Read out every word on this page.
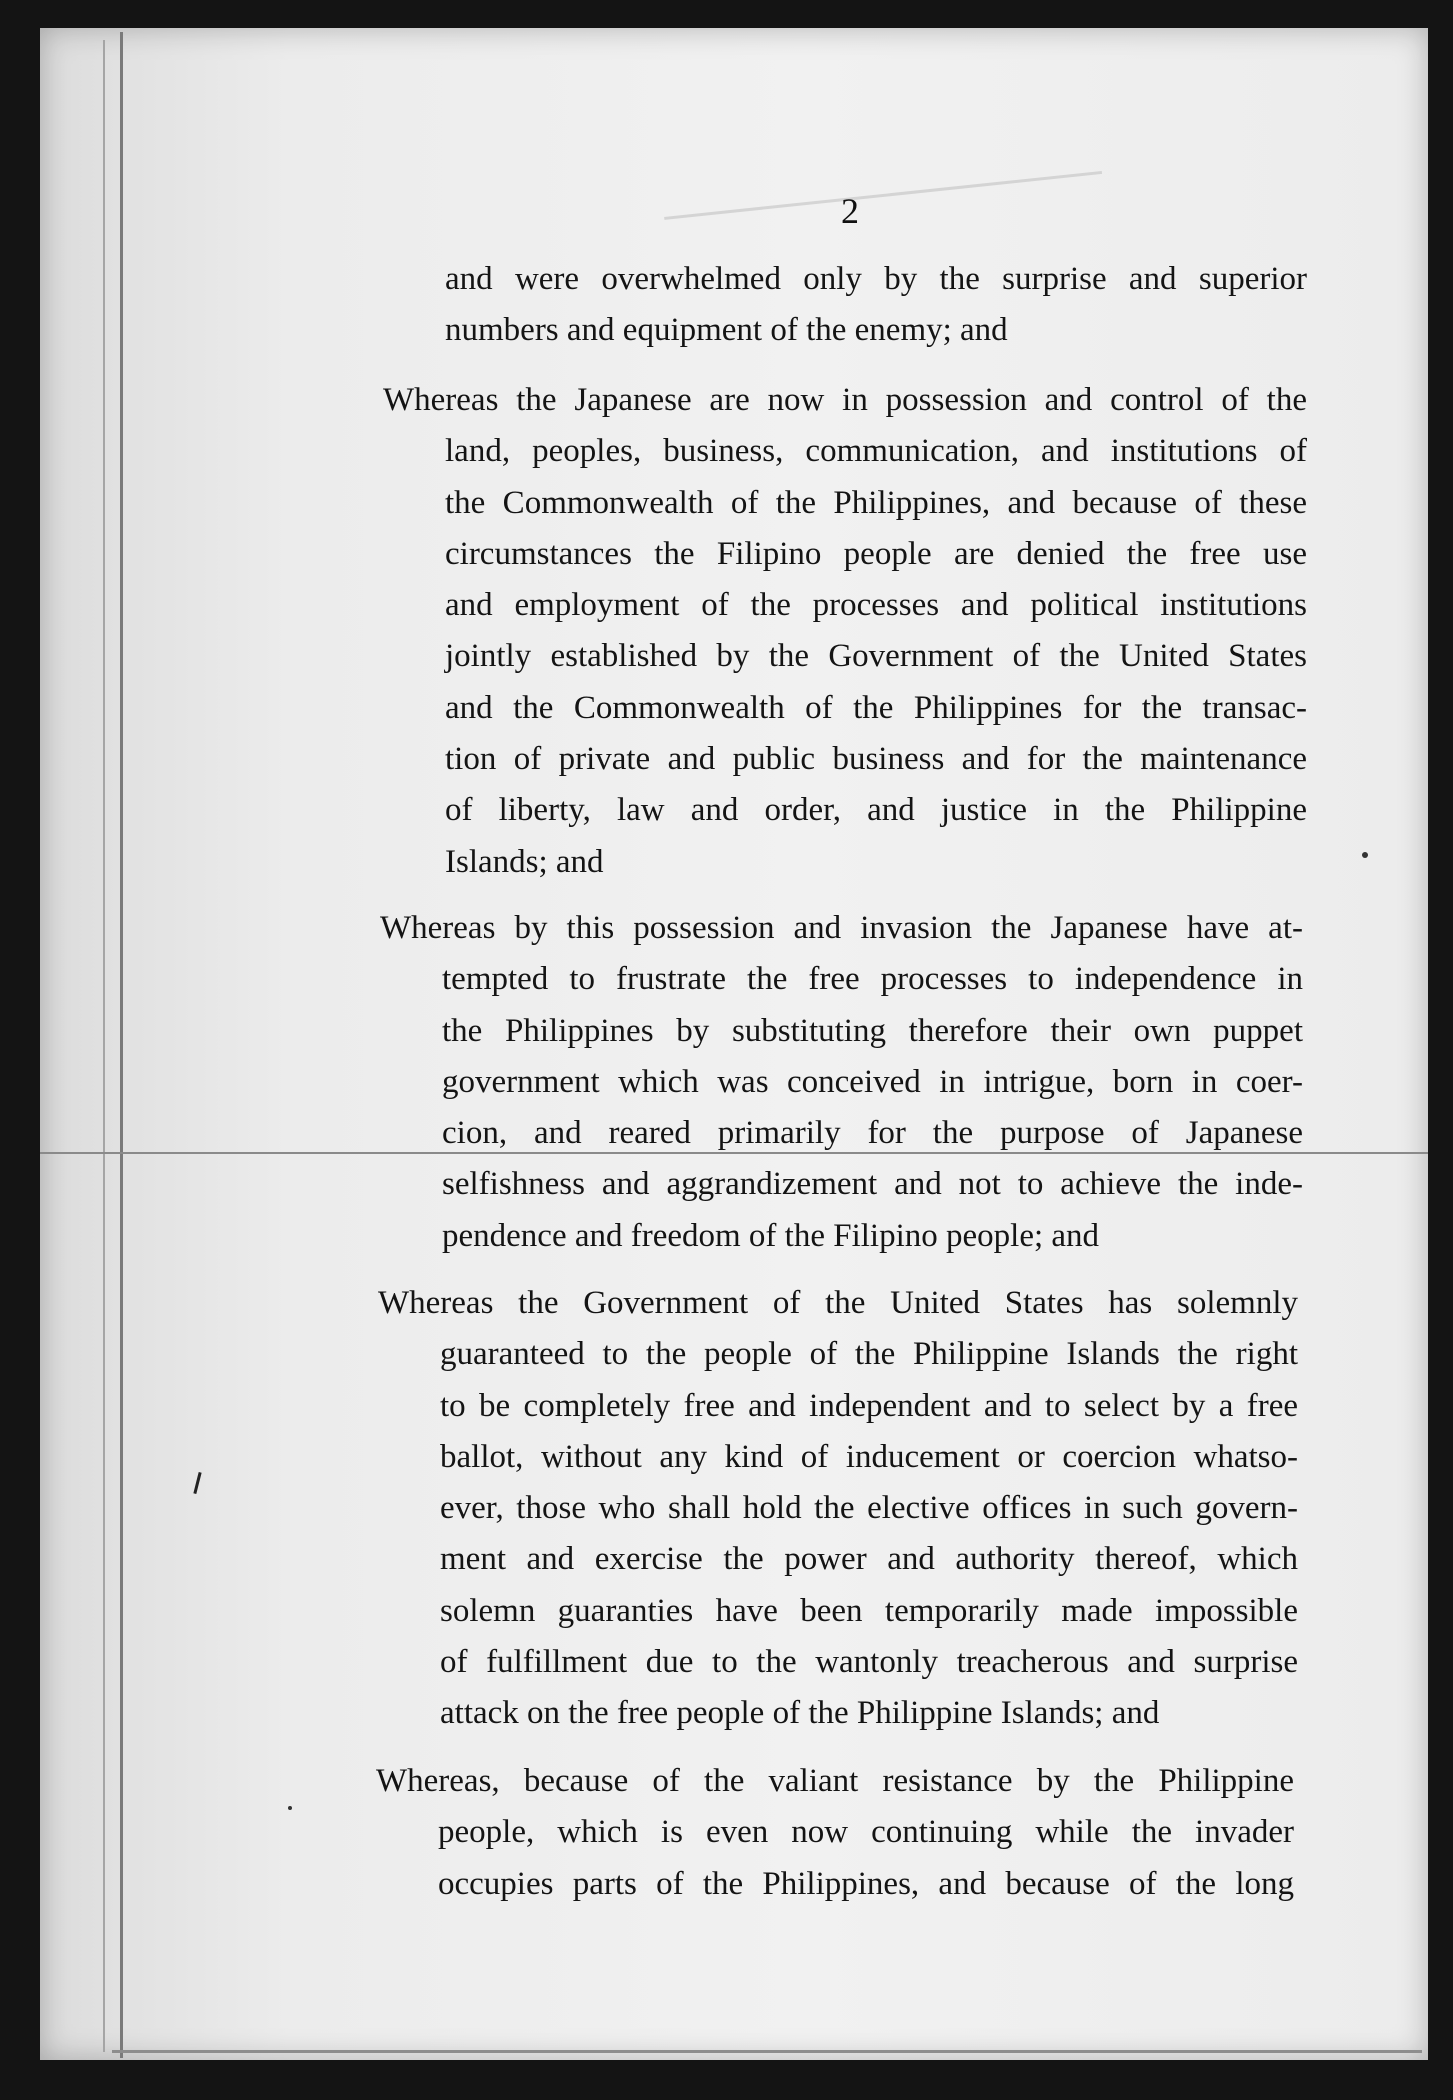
2
and were overwhelmed only by the surprise and superior
numbers and equipment of the enemy; and
Whereas the Japanese are now in possession and control of the
land, peoples, business, communication, and institutions of
the Commonwealth of the Philippines, and because of these
circumstances the Filipino people are denied the free use
and employment of the processes and political institutions
jointly established by the Government of the United States
and the Commonwealth of the Philippines for the transac-
tion of private and public business and for the maintenance
of liberty, law and order, and justice in the Philippine
Islands; and
Whereas by this possession and invasion the Japanese have at-
tempted to frustrate the free processes to independence in
the Philippines by substituting therefore their own puppet
government which was conceived in intrigue, born in coer-
cion, and reared primarily for the purpose of Japanese
selfishness and aggrandizement and not to achieve the inde-
pendence and freedom of the Filipino people; and
Whereas the Government of the United States has solemnly
guaranteed to the people of the Philippine Islands the right
to be completely free and independent and to select by a free
ballot, without any kind of inducement or coercion whatso-
ever, those who shall hold the elective offices in such govern-
ment and exercise the power and authority thereof, which
solemn guaranties have been temporarily made impossible
of fulfillment due to the wantonly treacherous and surprise
attack on the free people of the Philippine Islands; and
Whereas, because of the valiant resistance by the Philippine
people, which is even now continuing while the invader
occupies parts of the Philippines, and because of the long
